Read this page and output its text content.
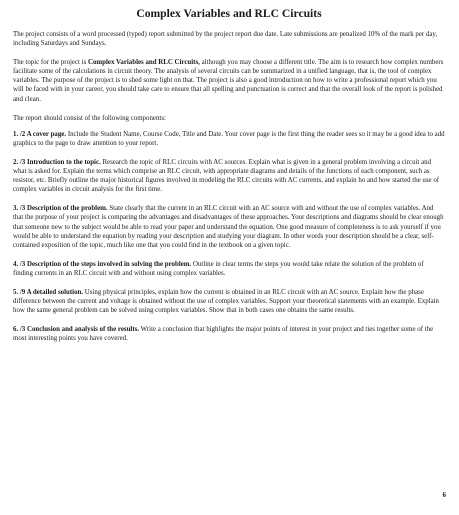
Complex Variables and RLC Circuits

The project consists of a word processed (typed) report submitted by the project report due date. Late submissions are penalized 10% of the mark per day, including Saturdays and Sundays.

The topic for the project is Complex Variables and RLC Circuits, although you may choose a different title. The aim is to research how complex numbers facilitate some of the calculations in circuit theory. The analysis of several circuits can be summarized in a unified language, that is, the tool of complex variables. The purpose of the project is to shed some light on that. The project is also a good introduction on how to write a professional report which you will be faced with in your career, you should take care to ensure that all spelling and punctuation is correct and that the overall look of the report is polished and clean.

The report should consist of the following components:

1. /2 A cover page. Include the Student Name, Course Code, Title and Date. Your cover page is the first thing the reader sees so it may be a good idea to add graphics to the page to draw attention to your report.

2. /3 Introduction to the topic. Research the topic of RLC circuits with AC sources. Explain what is given in a general problem involving a circuit and what is asked for. Explain the terms which comprise an RLC circuit, with appropriate diagrams and details of the functions of each component, such as resistor, etc. Briefly outline the major historical figures involved in modeling the RLC circuits with AC currents, and explain ho and how started the use of complex variables in circuit analysis for the first time.

3. /3 Description of the problem. State clearly that the current in an RLC circuit with an AC source with and without the use of complex variables. And that the purpose of your project is comparing the advantages and disadvantages of these approaches. Your descriptions and diagrams should be clear enough that someone new to the subject would be able to read your paper and understand the equation. One good measure of completeness is to ask yourself if you would be able to understand the equation by reading your description and studying your diagram. In other words your description should be a clear, self-contained exposition of the topic, much like one that you could find in the textbook on a given topic.

4. /3 Description of the steps involved in solving the problem. Outline in clear terms the steps you would take relate the solution of the problem of finding currents in an RLC circuit with and without using complex variables.

5. /9 A detailed solution. Using physical principles, explain how the current is obtained in an RLC circuit with an AC source. Explain how the phase difference between the current and voltage is obtained without the use of complex variables. Support your theoretical statements with an example. Explain how the same general problem can be solved using complex variables. Show that in both cases one obtains the same results.

6. /3 Conclusion and analysis of the results. Write a conclusion that highlights the major points of interest in your project and ties together some of the most interesting points you have covered.

6
